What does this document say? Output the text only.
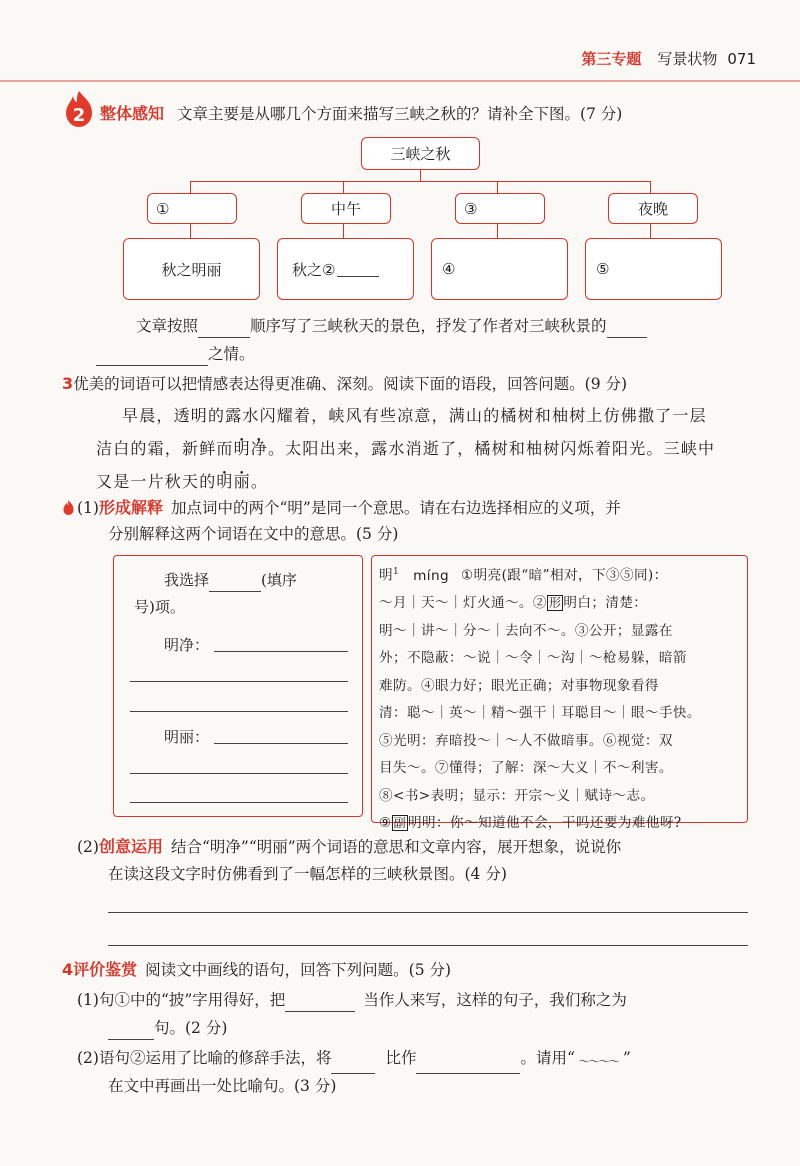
第三专题 写景状物 071
2 整体感知 文章主要是从哪几个方面来描写三峡之秋的？请补全下图。(7 分)
三峡之秋
①	中午	③	夜晚
秋之明丽	秋之②	④	⑤
文章按照	顺序写了三峡秋天的景色，抒发了作者对三峡秋景的
之情。
3优美的词语可以把情感表达得更准确、深刻。阅读下面的语段，回答问题。(9 分)
早晨，透明的露水闪耀着，峡风有些凉意，满山的橘树和柚树上仿佛撒了一层
洁白的霜，新鲜而明净。太阳出来，露水消逝了，橘树和柚树闪烁着阳光。三峡中
又是一片秋天的明丽。
(1)形成解释 加点词中的两个“明”是同一个意思。请在右边选择相应的义项，并
分别解释这两个词语在文中的意思。(5 分)
我选择	(填序
号)项。
明净：
明丽：
明$^1$ míng ①明亮(跟“暗”相对，下③⑤同)：
～月｜天～｜灯火通～。② 形 明白；清楚：
明～｜讲～｜分～｜去向不～。③公开；显露在
外；不隐蔽：～说｜～令｜～沟｜～枪易躲，暗箭
难防。④眼力好；眼光正确；对事物现象看得
清：聪～｜英～｜精～强干｜耳聪目～｜眼～手快。
⑤光明：弃暗投～｜～人不做暗事。⑥视觉：双
目失～。⑦懂得；了解：深～大义｜不～利害。
⑧<书>表明；显示：开宗～义｜赋诗～志。
⑨ 副 明明：你～知道他不会，干吗还要为难他呀?
(2)创意运用 结合“明净”“明丽”两个词语的意思和文章内容，展开想象，说说你
在读这段文字时仿佛看到了一幅怎样的三峡秋景图。(4 分)
4评价鉴赏 阅读文中画线的语句，回答下列问题。(5 分)
(1)句①中的“披”字用得好，把	当作人来写，这样的句子，我们称之为
句。(2 分)
(2)语句②运用了比喻的修辞手法，将	比作	。请用“ ～～～～ ”
在文中再画出一处比喻句。(3 分)
